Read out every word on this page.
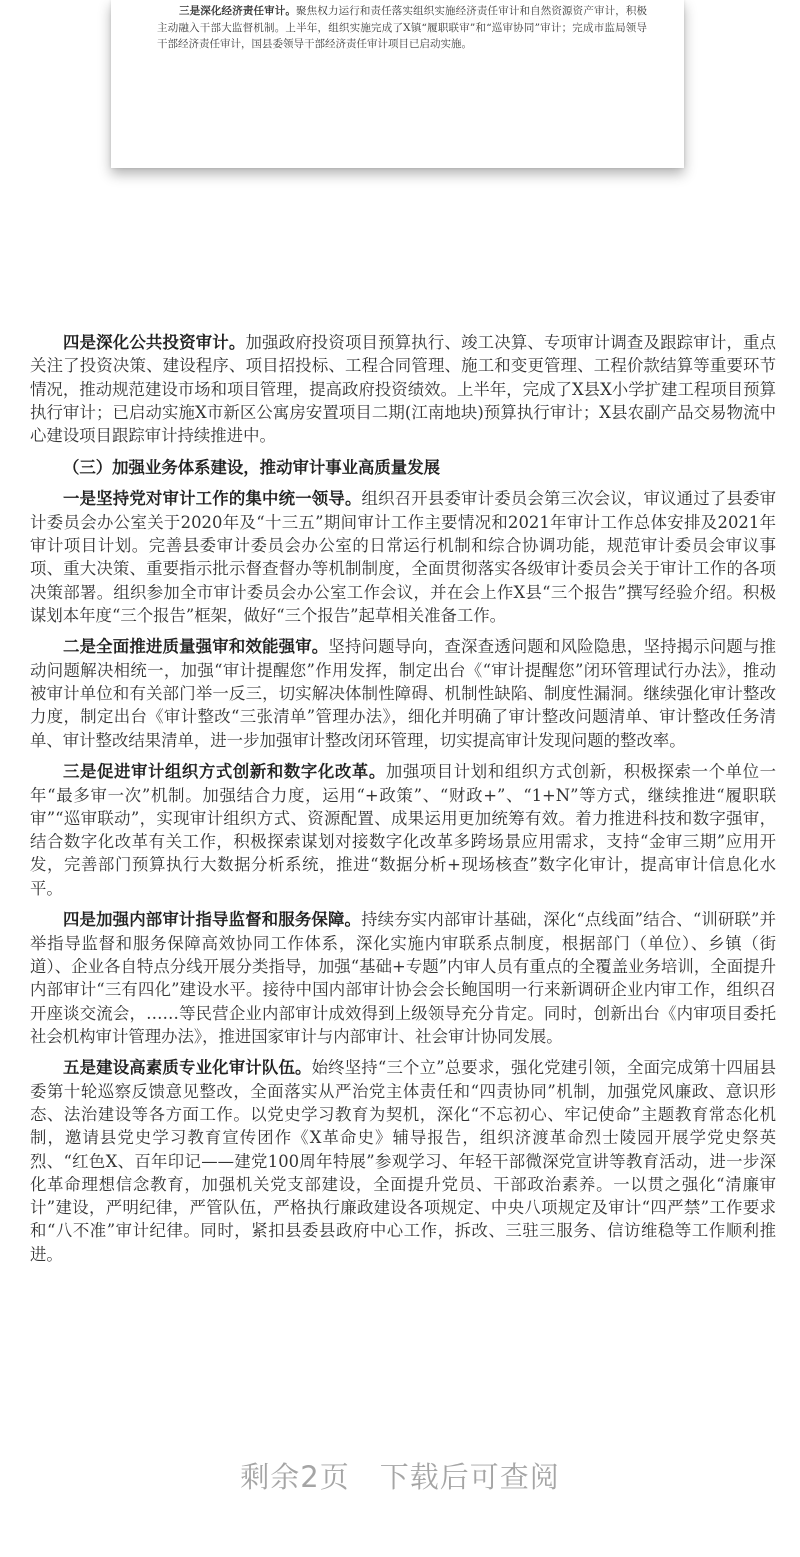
三是深化经济责任审计。聚焦权力运行和责任落实组织实施经济责任审计和自然资源资产审计，积极主动融入干部大监督机制。上半年，组织实施完成了X镇“履职联审”和“巡审协同”审计；完成市监局领导干部经济责任审计，国县委领导干部经济责任审计项目已启动实施。

四是深化公共投资审计。加强政府投资项目预算执行、竣工决算、专项审计调查及跟踪审计，重点关注了投资决策、建设程序、项目招投标、工程合同管理、施工和变更管理、工程价款结算等重要环节情况，推动规范建设市场和项目管理，提高政府投资绩效。上半年，完成了X县X小学扩建工程项目预算执行审计；已启动实施X市新区公寓房安置项目二期(江南地块)预算执行审计；X县农副产品交易物流中心建设项目跟踪审计持续推进中。

（三）加强业务体系建设，推动审计事业高质量发展

一是坚持党对审计工作的集中统一领导。组织召开县委审计委员会第三次会议，审议通过了县委审计委员会办公室关于2020年及“十三五”期间审计工作主要情况和2021年审计工作总体安排及2021年审计项目计划。完善县委审计委员会办公室的日常运行机制和综合协调功能，规范审计委员会审议事项、重大决策、重要指示批示督查督办等机制制度，全面贯彻落实各级审计委员会关于审计工作的各项决策部署。组织参加全市审计委员会办公室工作会议，并在会上作X县“三个报告”撰写经验介绍。积极谋划本年度“三个报告”框架，做好“三个报告”起草相关准备工作。

二是全面推进质量强审和效能强审。坚持问题导向，查深查透问题和风险隐患，坚持揭示问题与推动问题解决相统一，加强“审计提醒您”作用发挥，制定出台《“审计提醒您”闭环管理试行办法》，推动被审计单位和有关部门举一反三，切实解决体制性障碍、机制性缺陷、制度性漏洞。继续强化审计整改力度，制定出台《审计整改“三张清单”管理办法》，细化并明确了审计整改问题清单、审计整改任务清单、审计整改结果清单，进一步加强审计整改闭环管理，切实提高审计发现问题的整改率。

三是促进审计组织方式创新和数字化改革。加强项目计划和组织方式创新，积极探索一个单位一年“最多审一次”机制。加强结合力度，运用“+政策”、“财政+”、“1+N”等方式，继续推进“履职联审”“巡审联动”，实现审计组织方式、资源配置、成果运用更加统筹有效。着力推进科技和数字强审，结合数字化改革有关工作，积极探索谋划对接数字化改革多跨场景应用需求，支持“金审三期”应用开发，完善部门预算执行大数据分析系统，推进“数据分析+现场核查”数字化审计，提高审计信息化水平。

四是加强内部审计指导监督和服务保障。持续夯实内部审计基础，深化“点线面”结合、“训研联”并举指导监督和服务保障高效协同工作体系，深化实施内审联系点制度，根据部门（单位）、乡镇（街道）、企业各自特点分线开展分类指导，加强“基础+专题”内审人员有重点的全覆盖业务培训，全面提升内部审计“三有四化”建设水平。接待中国内部审计协会会长鲍国明一行来新调研企业内审工作，组织召开座谈交流会，……等民营企业内部审计成效得到上级领导充分肯定。同时，创新出台《内审项目委托社会机构审计管理办法》，推进国家审计与内部审计、社会审计协同发展。

五是建设高素质专业化审计队伍。始终坚持“三个立”总要求，强化党建引领，全面完成第十四届县委第十轮巡察反馈意见整改，全面落实从严治党主体责任和“四责协同”机制，加强党风廉政、意识形态、法治建设等各方面工作。以党史学习教育为契机，深化“不忘初心、牢记使命”主题教育常态化机制，邀请县党史学习教育宣传团作《X革命史》辅导报告，组织济渡革命烈士陵园开展学党史祭英烈、“红色X、百年印记——建党100周年特展”参观学习、年轻干部微深党宣讲等教育活动，进一步深化革命理想信念教育，加强机关党支部建设，全面提升党员、干部政治素养。一以贯之强化“清廉审计”建设，严明纪律，严管队伍，严格执行廉政建设各项规定、中央八项规定及审计“四严禁”工作要求和“八不准”审计纪律。同时，紧扣县委县政府中心工作，拆改、三驻三服务、信访维稳等工作顺利推进。

剩余2页 下载后可查阅
